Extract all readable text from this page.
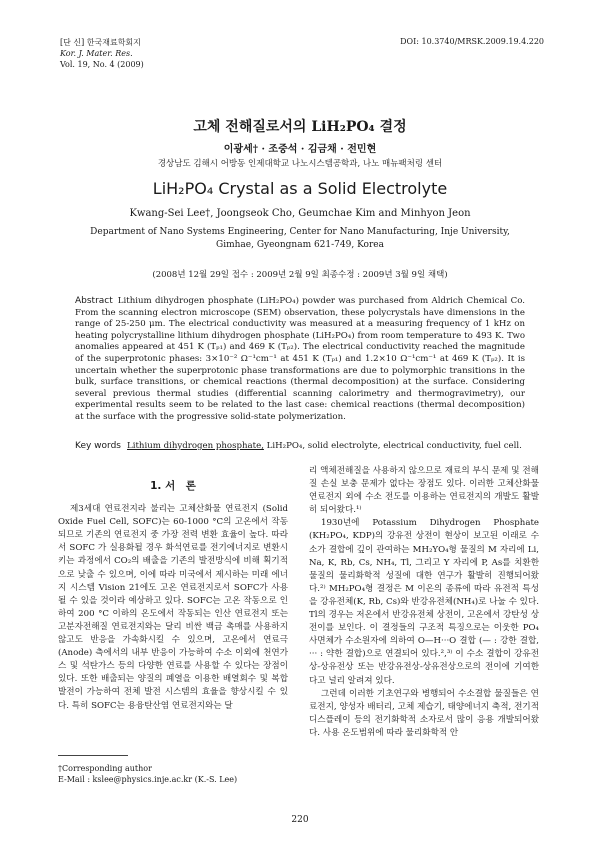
[단 신] 한국재료학회지
Kor. J. Mater. Res.
Vol. 19, No. 4 (2009)
DOI: 10.3740/MRSK.2009.19.4.220
고체 전해질로서의 LiH₂PO₄ 결정
이광세† · 조중석 · 김금채 · 전민현
경상남도 김해시 어방동 인제대학교 나노시스템공학과, 나노 매뉴팩처링 센터
LiH₂PO₄ Crystal as a Solid Electrolyte
Kwang-Sei Lee†, Joongseok Cho, Geumchae Kim and Minhyon Jeon
Department of Nano Systems Engineering, Center for Nano Manufacturing, Inje University,
Gimhae, Gyeongnam 621-749, Korea
(2008년 12월 29일 접수 : 2009년 2월 9일 최종수정 : 2009년 3월 9일 채택)
Abstract Lithium dihydrogen phosphate (LiH₂PO₄) powder was purchased from Aldrich Chemical Co. From the scanning electron microscope (SEM) observation, these polycrystals have dimensions in the range of 25-250 μm. The electrical conductivity was measured at a measuring frequency of 1 kHz on heating polycrystalline lithium dihydrogen phosphate (LiH₂PO₄) from room temperature to 493 K. Two anomalies appeared at 451 K (Tₚ₁) and 469 K (Tₚ₂). The electrical conductivity reached the magnitude of the superprotonic phases: 3×10⁻² Ω⁻¹cm⁻¹ at 451 K (Tₚ₁) and 1.2×10 Ω⁻¹cm⁻¹ at 469 K (Tₚ₂). It is uncertain whether the superprotonic phase transformations are due to polymorphic transitions in the bulk, surface transitions, or chemical reactions (thermal decomposition) at the surface. Considering several previous thermal studies (differential scanning calorimetry and thermogravimetry), our experimental results seem to be related to the last case: chemical reactions (thermal decomposition) at the surface with the progressive solid-state polymerization.
Key words Lithium dihydrogen phosphate, LiH₂PO₄, solid electrolyte, electrical conductivity, fuel cell.
1. 서　론

제3세대 연료전지라 불리는 고체산화물 연료전지 (Solid Oxide Fuel Cell, SOFC)는 60-1000 °C의 고온에서 작동되므로 기존의 연료전지 중 가장 전력 변환 효율이 높다. 따라서 SOFC 가 실용화될 경우 화석연료를 전기에너지로 변환시키는 과정에서 CO₂의 배출을 기존의 발전방식에 비해 획기적으로 낮출 수 있으며, 이에 따라 미국에서 제시하는 미래 에너지 시스템 Vision 21에도 고온 연료전지로서 SOFC가 사용될 수 있을 것이라 예상하고 있다. SOFC는 고온 작동으로 인하여 200 °C 이하의 온도에서 작동되는 인산 연료전지 또는 고분자전해질 연료전지와는 달리 비싼 백금 촉매를 사용하지 않고도 반응을 가속화시킬 수 있으며, 고온에서 연료극(Anode) 측에서의 내부 반응이 가능하여 수소 이외에 천연가스 및 석탄가스 등의 다양한 연료를 사용할 수 있다는 장점이 있다. 또한 배출되는 양질의 폐열을 이용한 배열회수 및 복합발전이 가능하여 전체 발전 시스템의 효율을 향상시킬 수 있다. 특히 SOFC는 용융탄산염 연료전지와는 달

리 액체전해질을 사용하지 않으므로 재료의 부식 문제 및 전해질 손실 보충 문제가 없다는 장점도 있다. 이러한 고체산화물 연료전지 외에 수소 전도를 이용하는 연료전지의 개발도 활발히 되어왔다.¹⁾

1930년에 Potassium Dihydrogen Phosphate (KH₂PO₄, KDP)의 강유전 상전이 현상이 보고된 이래로 수소가 결합에 깊이 관여하는 MH₂YO₄형 물질의 M 자리에 Li, Na, K, Rb, Cs, NH₄, Tl, 그리고 Y 자리에 P, As를 치환한 물질의 물리화학적 성질에 대한 연구가 활발히 진행되어왔다.²⁾ MH₂PO₄형 결정은 M 이온의 종류에 따라 유전적 특성을 강유전체(K, Rb, Cs)와 반강유전체(NH₄)로 나눌 수 있다. Tl의 경우는 저온에서 반강유전체 상전이, 고온에서 강탄성 상전이를 보인다. 이 결정들의 구조적 특징으로는 이웃한 PO₄ 사면체가 수소원자에 의하여 O—H···O 결합 (— : 강한 결합, ··· : 약한 결합)으로 연결되어 있다.²,³⁾ 이 수소 결합이 강유전상-상유전상 또는 반강유전상-상유전상으로의 전이에 기여한다고 널리 알려져 있다.

그런데 이러한 기초연구와 병행되어 수소결합 물질들은 연료전지, 양성자 배터리, 고체 제습기, 태양에너지 축적, 전기적 디스플레이 등의 전기화학적 소자로서 많이 응용 개발되어왔다. 사용 온도범위에 따라 물리화학적 안

†Corresponding author
E-Mail : kslee@physics.inje.ac.kr (K.-S. Lee)
220
